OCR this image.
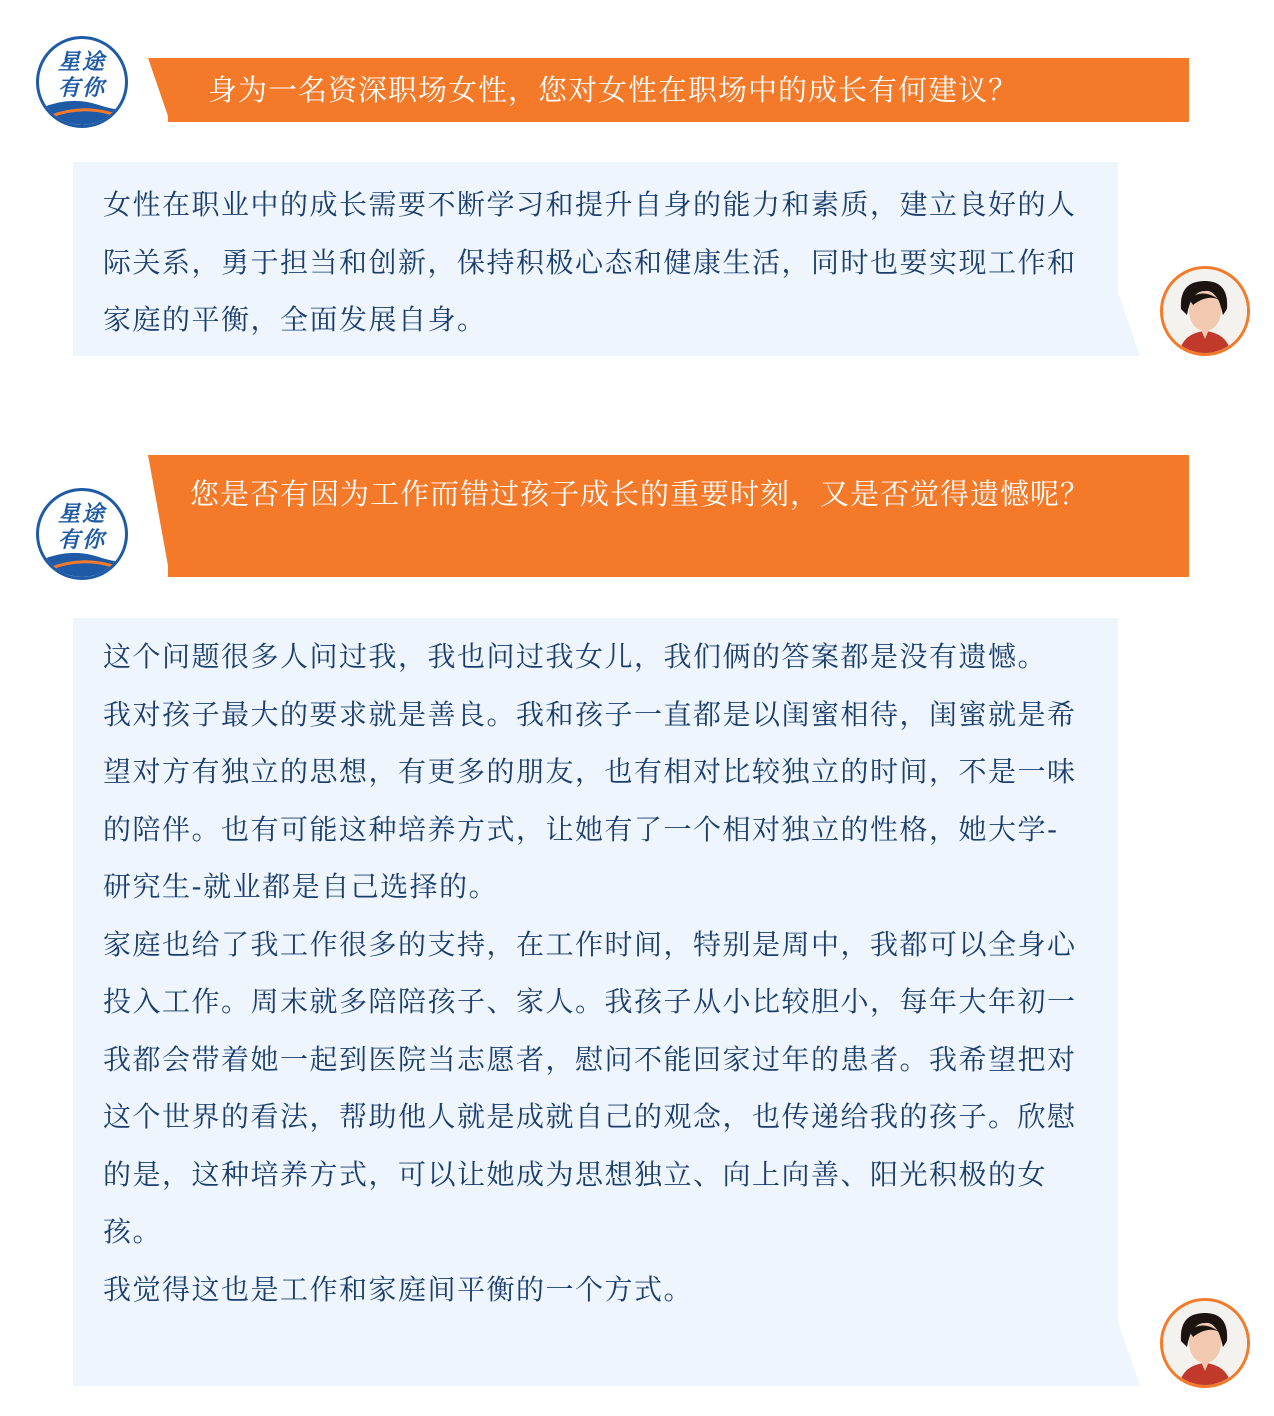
星途
有你	身为一名资深职场女性，您对女性在职场中的成长有何建议？

女性在职业中的成长需要不断学习和提升自身的能力和素质，建立良好的人际关系，勇于担当和创新，保持积极心态和健康生活，同时也要实现工作和家庭的平衡，全面发展自身。

星途
有你
您是否有因为工作而错过孩子成长的重要时刻，又是否觉得遗憾呢？

这个问题很多人问过我，我也问过我女儿，我们俩的答案都是没有遗憾。

我对孩子最大的要求就是善良。我和孩子一直都是以闺蜜相待，闺蜜就是希望对方有独立的思想，有更多的朋友，也有相对比较独立的时间，不是一味的陪伴。也有可能这种培养方式，让她有了一个相对独立的性格，她大学-研究生-就业都是自己选择的。

家庭也给了我工作很多的支持，在工作时间，特别是周中，我都可以全身心投入工作。周末就多陪陪孩子、家人。我孩子从小比较胆小，每年大年初一我都会带着她一起到医院当志愿者，慰问不能回家过年的患者。我希望把对这个世界的看法，帮助他人就是成就自己的观念，也传递给我的孩子。欣慰的是，这种培养方式，可以让她成为思想独立、向上向善、阳光积极的女孩。

我觉得这也是工作和家庭间平衡的一个方式。
